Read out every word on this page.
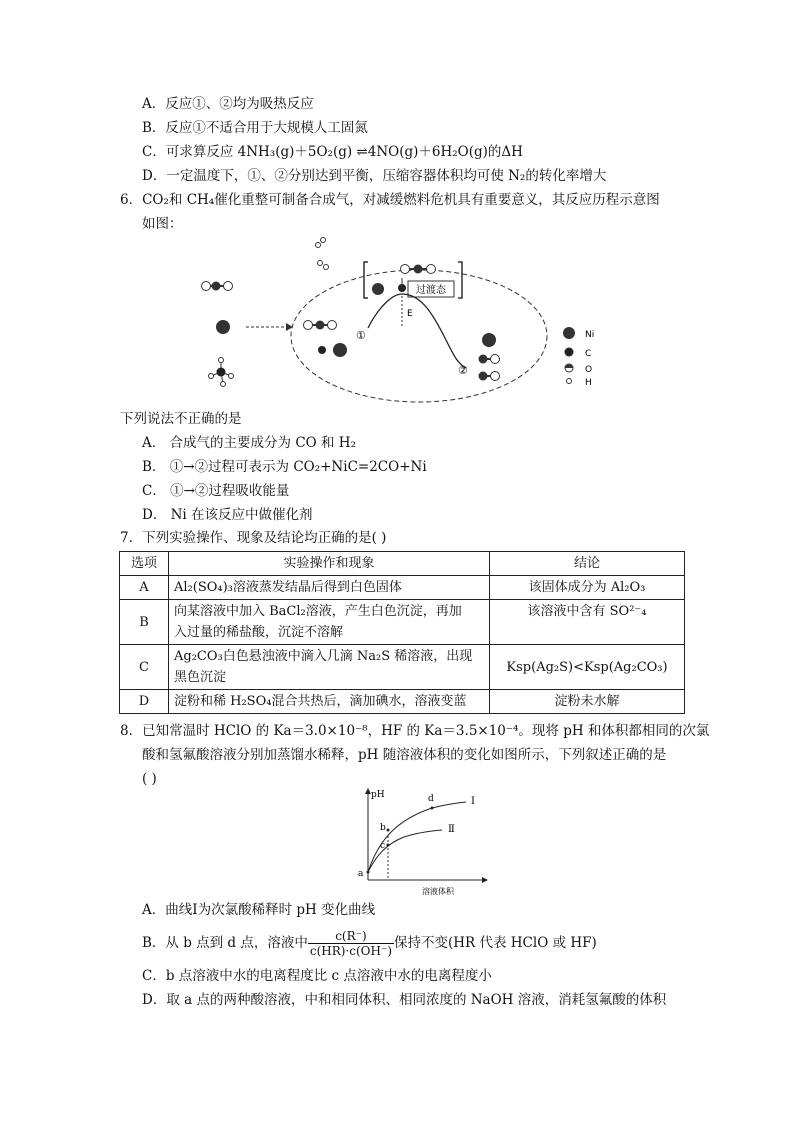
A．反应①、②均为吸热反应
B．反应①不适合用于大规模人工固氮
C．可求算反应 4NH₃(g)＋5O₂(g) ⇌4NO(g)＋6H₂O(g)的ΔH
D．一定温度下，①、②分别达到平衡，压缩容器体积均可使 N₂的转化率增大
6．CO₂和 CH₄催化重整可制备合成气，对减缓燃料危机具有重要意义，其反应历程示意图
如图：
过渡态
E
①
②
Ni
C
O
H
下列说法不正确的是
A． 合成气的主要成分为 CO 和 H₂
B． ①→②过程可表示为 CO₂+NiC=2CO+Ni
C． ①→②过程吸收能量
D． Ni 在该反应中做催化剂
7．下列实验操作、现象及结论均正确的是( )
选项	实验操作和现象	结论
A	Al₂(SO₄)₃溶液蒸发结晶后得到白色固体	该固体成分为 Al₂O₃
B	向某溶液中加入 BaCl₂溶液，产生白色沉淀，再加
入过量的稀盐酸，沉淀不溶解	该溶液中含有 SO²⁻₄
C	Ag₂CO₃白色悬浊液中滴入几滴 Na₂S 稀溶液，出现
黑色沉淀	Ksp(Ag₂S)<Ksp(Ag₂CO₃)
D	淀粉和稀 H₂SO₄混合共热后，滴加碘水，溶液变蓝	淀粉未水解
8．已知常温时 HClO 的 Ka＝3.0×10⁻⁸，HF 的 Ka＝3.5×10⁻⁴。现将 pH 和体积都相同的次氯
酸和氢氟酸溶液分别加蒸馏水稀释，pH 随溶液体积的变化如图所示，下列叙述正确的是
( )
pH
溶液体积
Ⅰ
Ⅱ
a
b
c
d
A．曲线Ⅰ为次氯酸稀释时 pH 变化曲线
B．从 b 点到 d 点，溶液中 $\frac{c(R^-)}{c(HR)\cdot c(OH^-)}$ 保持不变(HR 代表 HClO 或 HF)
C．b 点溶液中水的电离程度比 c 点溶液中水的电离程度小
D．取 a 点的两种酸溶液，中和相同体积、相同浓度的 NaOH 溶液，消耗氢氟酸的体积
